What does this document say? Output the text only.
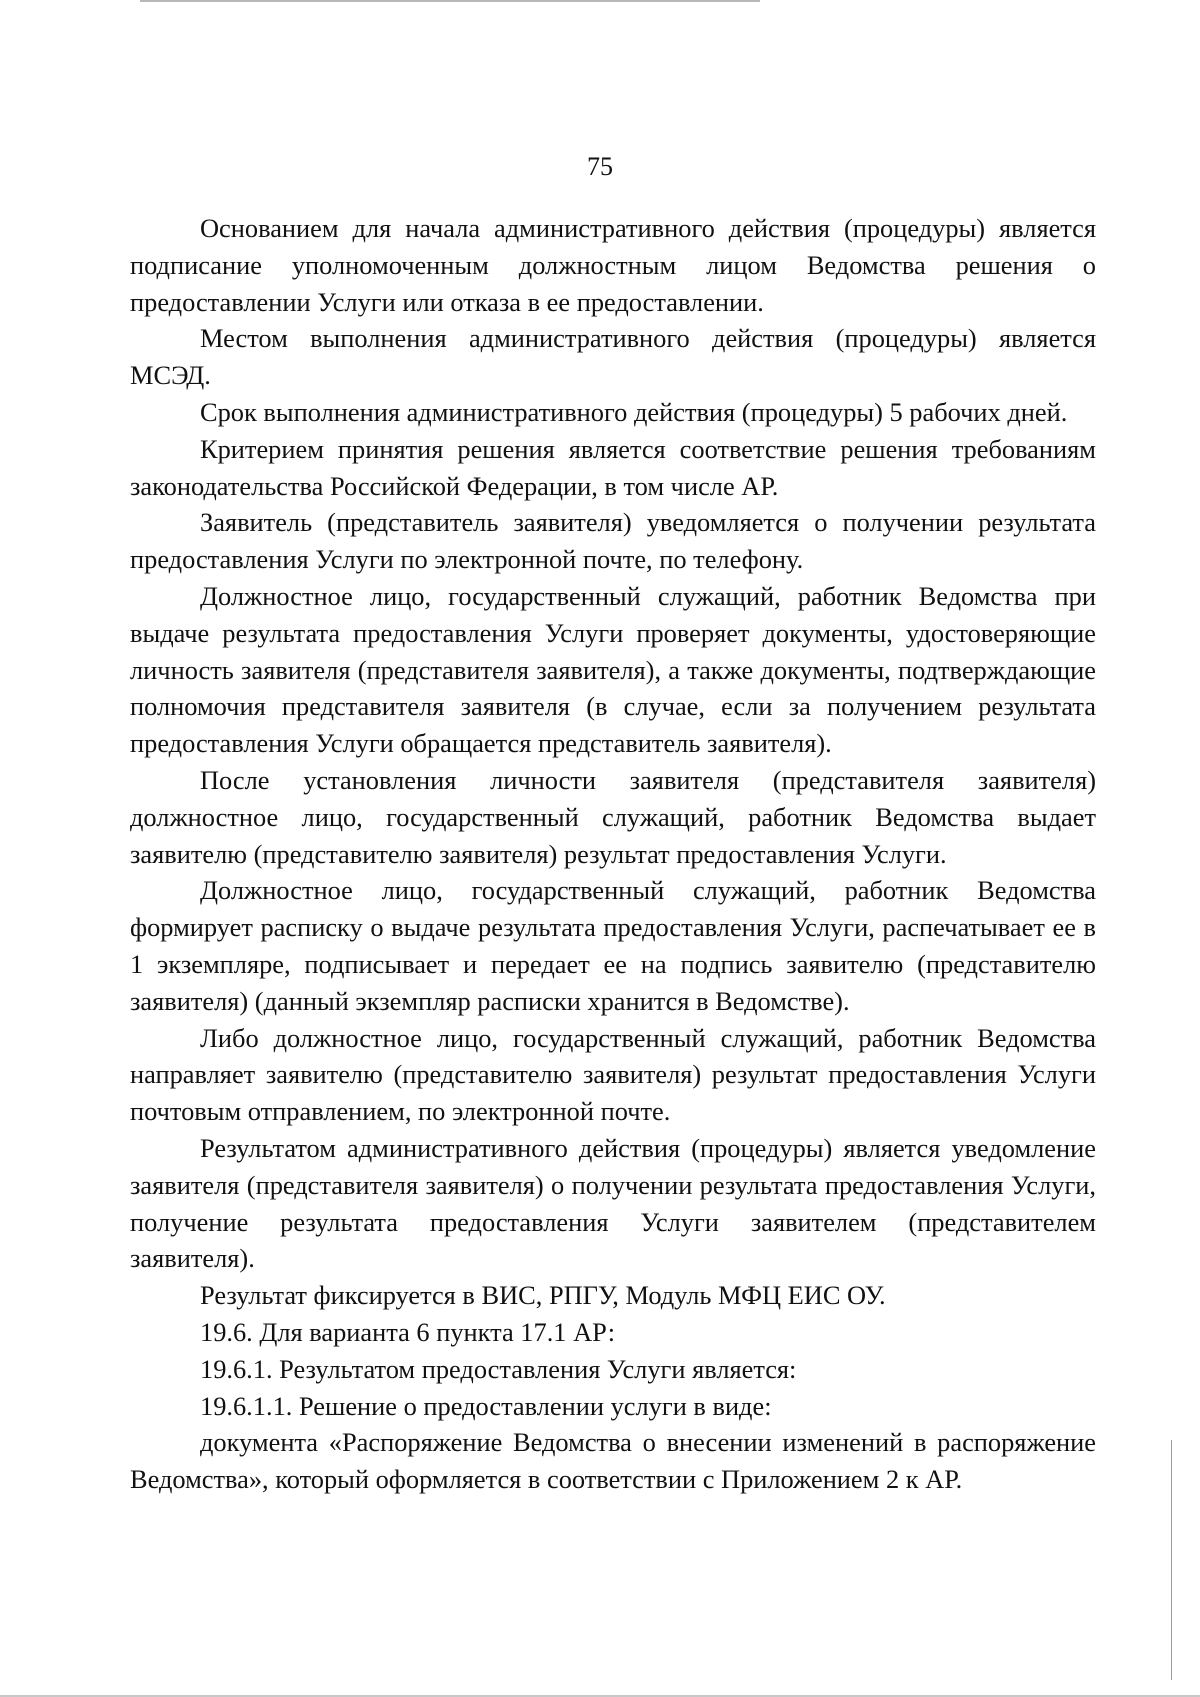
75

Основанием для начала административного действия (процедуры) является подписание уполномоченным должностным лицом Ведомства решения о предоставлении Услуги или отказа в ее предоставлении.

Местом выполнения административного действия (процедуры) является МСЭД.

Срок выполнения административного действия (процедуры) 5 рабочих дней.

Критерием принятия решения является соответствие решения требованиям законодательства Российской Федерации, в том числе АР.

Заявитель (представитель заявителя) уведомляется о получении результата предоставления Услуги по электронной почте, по телефону.

Должностное лицо, государственный служащий, работник Ведомства при выдаче результата предоставления Услуги проверяет документы, удостоверяющие личность заявителя (представителя заявителя), а также документы, подтверждающие полномочия представителя заявителя (в случае, если за получением результата предоставления Услуги обращается представитель заявителя).

После установления личности заявителя (представителя заявителя) должностное лицо, государственный служащий, работник Ведомства выдает заявителю (представителю заявителя) результат предоставления Услуги.

Должностное лицо, государственный служащий, работник Ведомства формирует расписку о выдаче результата предоставления Услуги, распечатывает ее в 1 экземпляре, подписывает и передает ее на подпись заявителю (представителю заявителя) (данный экземпляр расписки хранится в Ведомстве).

Либо должностное лицо, государственный служащий, работник Ведомства направляет заявителю (представителю заявителя) результат предоставления Услуги почтовым отправлением, по электронной почте.

Результатом административного действия (процедуры) является уведомление заявителя (представителя заявителя) о получении результата предоставления Услуги, получение результата предоставления Услуги заявителем (представителем заявителя).

Результат фиксируется в ВИС, РПГУ, Модуль МФЦ ЕИС ОУ.

19.6. Для варианта 6 пункта 17.1 АР:

19.6.1. Результатом предоставления Услуги является:

19.6.1.1. Решение о предоставлении услуги в виде:

документа «Распоряжение Ведомства о внесении изменений в распоряжение Ведомства», который оформляется в соответствии с Приложением 2 к АР.
